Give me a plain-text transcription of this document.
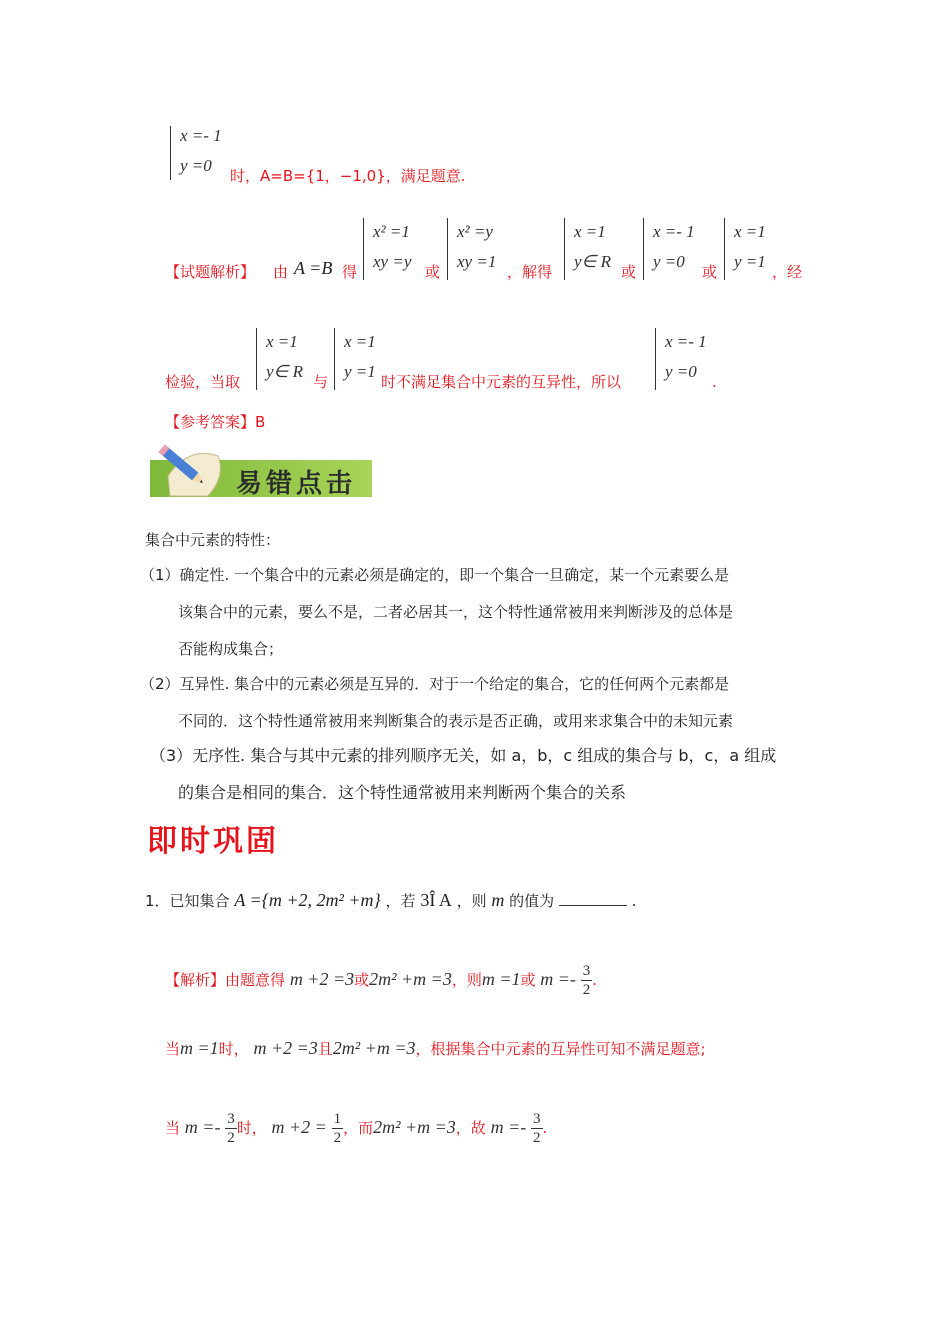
x =- 1
y =0
时，A=B={1，−1,0}，满足题意.
【试题解析】 由 A =B 得
x² =1
xy =y
或
x² =y
xy =1
，解得
x =1
y∈ R
或
x =- 1
y =0
或
x =1
y =1
，经
检验，当取
x =1
y∈ R
与
x =1
y =1
时不满足集合中元素的互异性，所以
x =- 1
y =0
.
【参考答案】B
易错点击
集合中元素的特性：
（1）确定性. 一个集合中的元素必须是确定的，即一个集合一旦确定，某一个元素要么是
该集合中的元素，要么不是，二者必居其一，这个特性通常被用来判断涉及的总体是
否能构成集合；
（2）互异性. 集合中的元素必须是互异的．对于一个给定的集合，它的任何两个元素都是
不同的．这个特性通常被用来判断集合的表示是否正确，或用来求集合中的未知元素
（3）无序性. 集合与其中元素的排列顺序无关，如 a，b，c 组成的集合与 b，c，a 组成
的集合是相同的集合．这个特性通常被用来判断两个集合的关系
即时巩固
1．已知集合 A ={m +2, 2m² +m} ，若 3Î A ，则 m 的值为	.
【解析】由题意得 m +2 =3或2m² +m =3，则m =1或 $m =- \frac{3}{2}$ .
当m =1时， m +2 =3且2m² +m =3，根据集合中元素的互异性可知不满足题意;
当 $m =- \frac{3}{2}$ 时， $m +2 = \frac{1}{2}$ ，而2m² +m =3，故 $m =- \frac{3}{2}$ .
